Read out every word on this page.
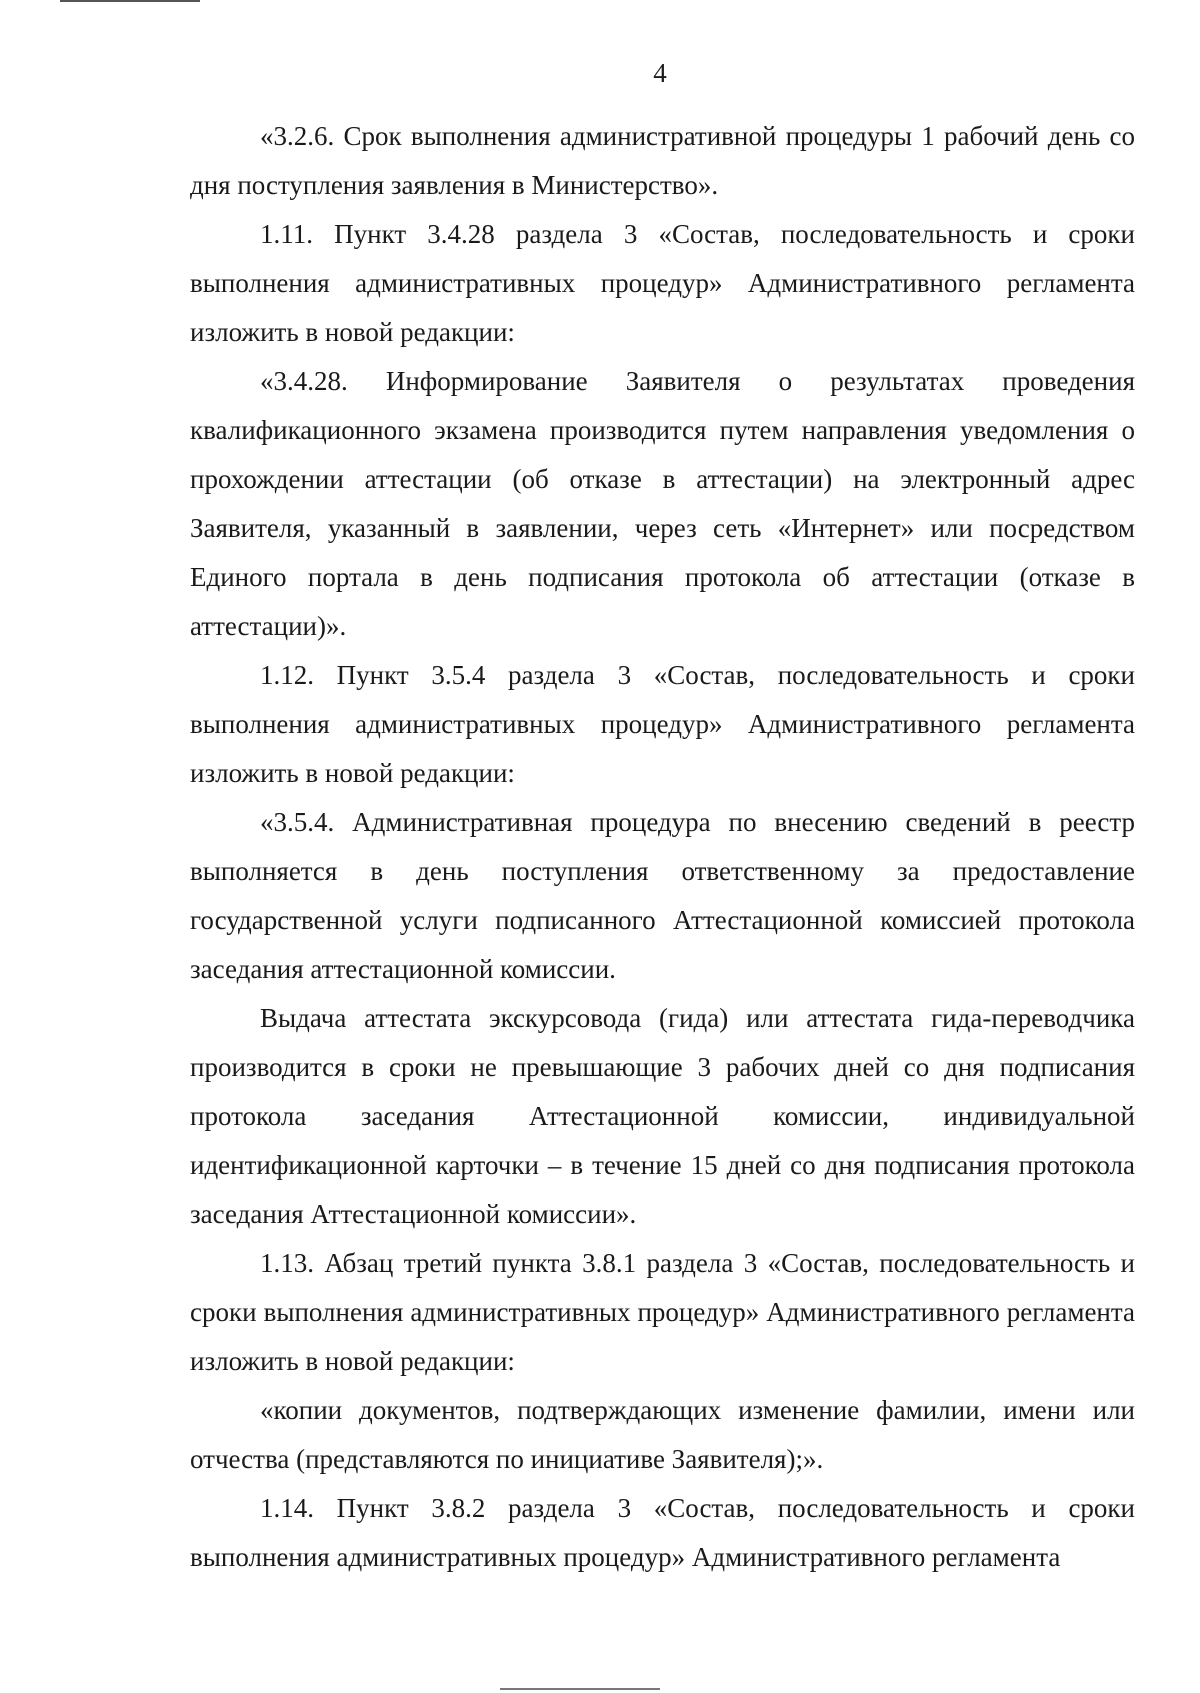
4

«3.2.6. Срок выполнения административной процедуры 1 рабочий день со дня поступления заявления в Министерство».

1.11. Пункт 3.4.28 раздела 3 «Состав, последовательность и сроки выполнения административных процедур» Административного регламента изложить в новой редакции:

«3.4.28. Информирование Заявителя о результатах проведения квалификационного экзамена производится путем направления уведомления о прохождении аттестации (об отказе в аттестации) на электронный адрес Заявителя, указанный в заявлении, через сеть «Интернет» или посредством Единого портала в день подписания протокола об аттестации (отказе в аттестации)».

1.12. Пункт 3.5.4 раздела 3 «Состав, последовательность и сроки выполнения административных процедур» Административного регламента изложить в новой редакции:

«3.5.4. Административная процедура по внесению сведений в реестр выполняется в день поступления ответственному за предоставление государственной услуги подписанного Аттестационной комиссией протокола заседания аттестационной комиссии.

Выдача аттестата экскурсовода (гида) или аттестата гида-переводчика производится в сроки не превышающие 3 рабочих дней со дня подписания протокола заседания Аттестационной комиссии, индивидуальной идентификационной карточки – в течение 15 дней со дня подписания протокола заседания Аттестационной комиссии».

1.13. Абзац третий пункта 3.8.1 раздела 3 «Состав, последовательность и сроки выполнения административных процедур» Административного регламента изложить в новой редакции:

«копии документов, подтверждающих изменение фамилии, имени или отчества (представляются по инициативе Заявителя);».

1.14. Пункт 3.8.2 раздела 3 «Состав, последовательность и сроки выполнения административных процедур» Административного регламента
